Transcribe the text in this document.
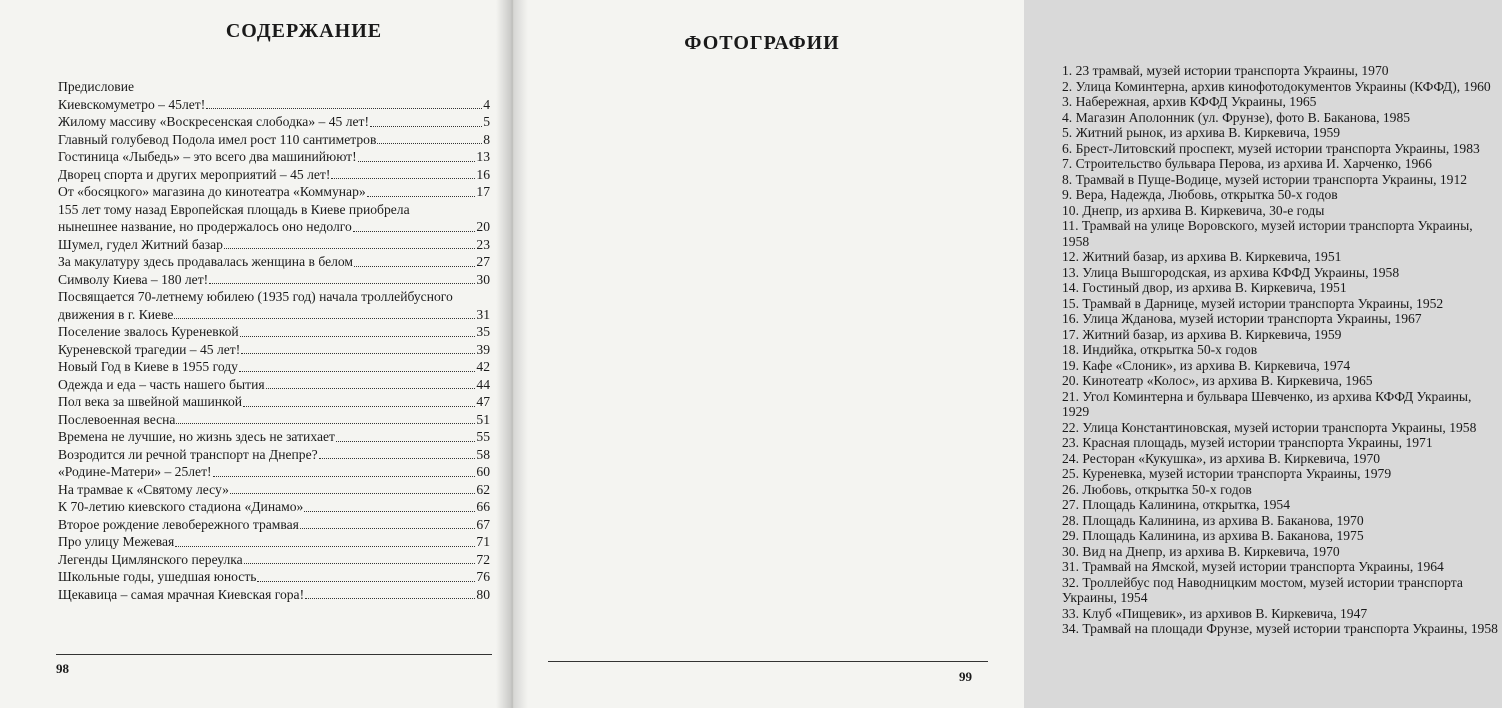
СОДЕРЖАНИЕ
Предисловие
Киевскомуметро – 45лет!	4
Жилому массиву «Воскресенская слободка» – 45 лет!	5
Главный голубевод Подола имел рост 110 сантиметров	8
Гостиница «Лыбедь» – это всего два машинийюют!	13
Дворец спорта и других мероприятий – 45 лет!	16
От «босяцкого» магазина до кинотеатра «Коммунар»	17
155 лет тому назад Европейская площадь в Киеве приобрела
нынешнее название, но продержалось оно недолго	20
Шумел, гудел Житний базар	23
За макулатуру здесь продавалась женщина в белом	27
Символу Киева – 180 лет!	30
Посвящается 70-летнему юбилею (1935 год) начала троллейбусного
движения в г. Киеве	31
Поселение звалось Куреневкой	35
Куреневской трагедии – 45 лет!	39
Новый Год в Киеве в 1955 году	42
Одежда и еда – часть нашего бытия	44
Пол века за швейной машинкой	47
Послевоенная весна	51
Времена не лучшие, но жизнь здесь не затихает	55
Возродится ли речной транспорт на Днепре?	58
«Родине-Матери» – 25лет!	60
На трамвае к «Святому лесу»	62
К 70-летию киевского стадиона «Динамо»	66
Второе рождение левобережного трамвая	67
Про улицу Межевая	71
Легенды Цимлянского переулка	72
Школьные годы, ушедшая юность	76
Щекавица – самая мрачная Киевская гора!	80
98
ФОТОГРАФИИ
1. 23 трамвай, музей истории транспорта Украины, 1970
2. Улица Коминтерна, архив кинофотодокументов Украины (КФФД), 1960
3. Набережная, архив КФФД Украины, 1965
4. Магазин Аполонник (ул. Фрунзе), фото В. Баканова, 1985
5. Житний рынок, из архива В. Киркевича, 1959
6. Брест-Литовский проспект, музей истории транспорта Украины, 1983
7. Строительство бульвара Перова, из архива И. Харченко, 1966
8. Трамвай в Пуще-Водице, музей истории транспорта Украины, 1912
9. Вера, Надежда, Любовь, открытка 50-х годов
10. Днепр, из архива В. Киркевича, 30-е годы
11. Трамвай на улице Воровского, музей истории транспорта Украины, 1958
12. Житний базар, из архива В. Киркевича, 1951
13. Улица Вышгородская, из архива КФФД Украины, 1958
14. Гостиный двор, из архива В. Киркевича, 1951
15. Трамвай в Дарнице, музей истории транспорта Украины, 1952
16. Улица Жданова, музей истории транспорта Украины, 1967
17. Житний базар, из архива В. Киркевича, 1959
18. Индийка, открытка 50-х годов
19. Кафе «Слоник», из архива В. Киркевича, 1974
20. Кинотеатр «Колос», из архива В. Киркевича, 1965
21. Угол Коминтерна и бульвара Шевченко, из архива КФФД Украины, 1929
22. Улица Константиновская, музей истории транспорта Украины, 1958
23. Красная площадь, музей истории транспорта Украины, 1971
24. Ресторан «Кукушка», из архива В. Киркевича, 1970
25. Куреневка, музей истории транспорта Украины, 1979
26. Любовь, открытка 50-х годов
27. Площадь Калинина, открытка, 1954
28. Площадь Калинина, из архива В. Баканова, 1970
29. Площадь Калинина, из архива В. Баканова, 1975
30. Вид на Днепр, из архива В. Киркевича, 1970
31. Трамвай на Ямской, музей истории транспорта Украины, 1964
32. Троллейбус под Наводницким мостом, музей истории транспорта Украины, 1954
33. Клуб «Пищевик», из архивов В. Киркевича, 1947
34. Трамвай на площади Фрунзе, музей истории транспорта Украины, 1958
99
